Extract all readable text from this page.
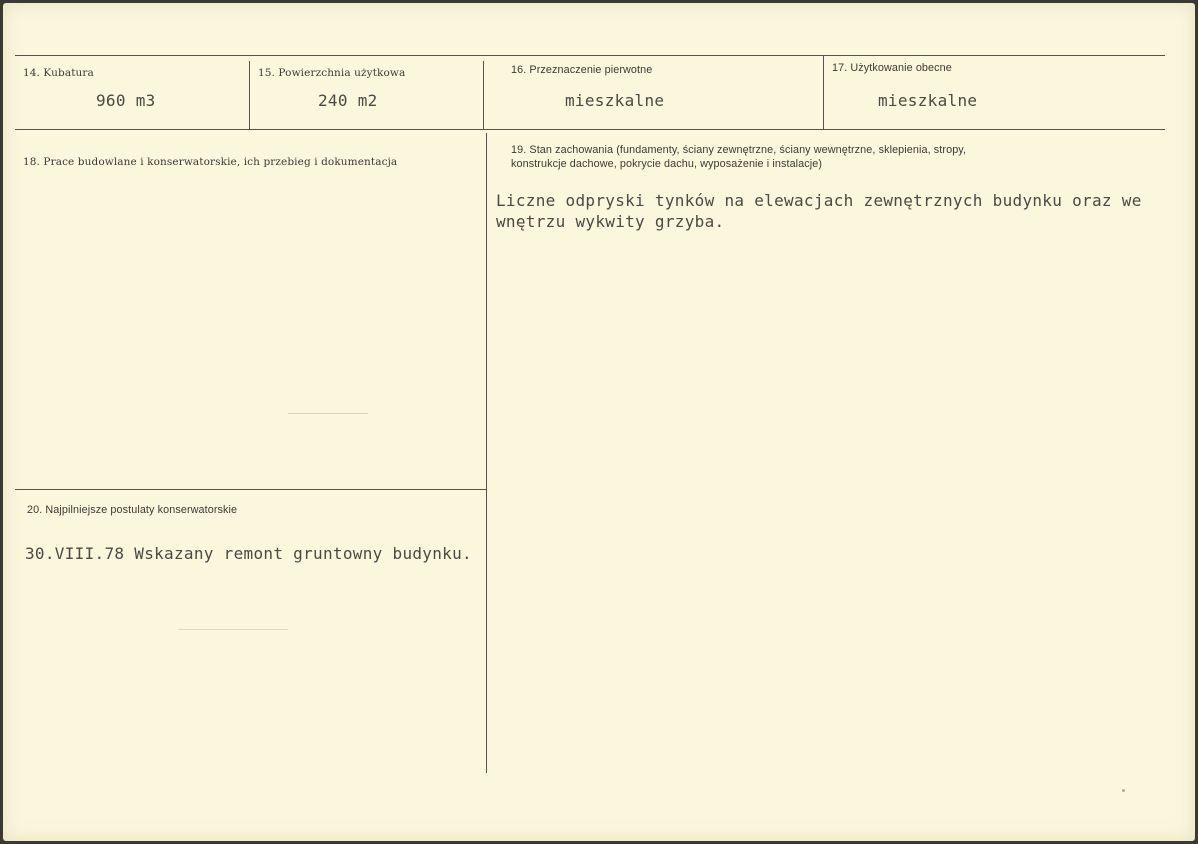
14. Kubatura
960 m3
15. Powierzchnia użytkowa
240 m2
16. Przeznaczenie pierwotne
mieszkalne
17. Użytkowanie obecne
mieszkalne
18. Prace budowlane i konserwatorskie, ich przebieg i dokumentacja
19. Stan zachowania (fundamenty, ściany zewnętrzne, ściany wewnętrzne, sklepienia, stropy,
konstrukcje dachowe, pokrycie dachu, wyposażenie i instalacje)
Liczne odpryski tynków na elewacjach zewnętrznych budynku oraz we
wnętrzu wykwity grzyba.
20. Najpilniejsze postulaty konserwatorskie
30.VIII.78 Wskazany remont gruntowny budynku.
